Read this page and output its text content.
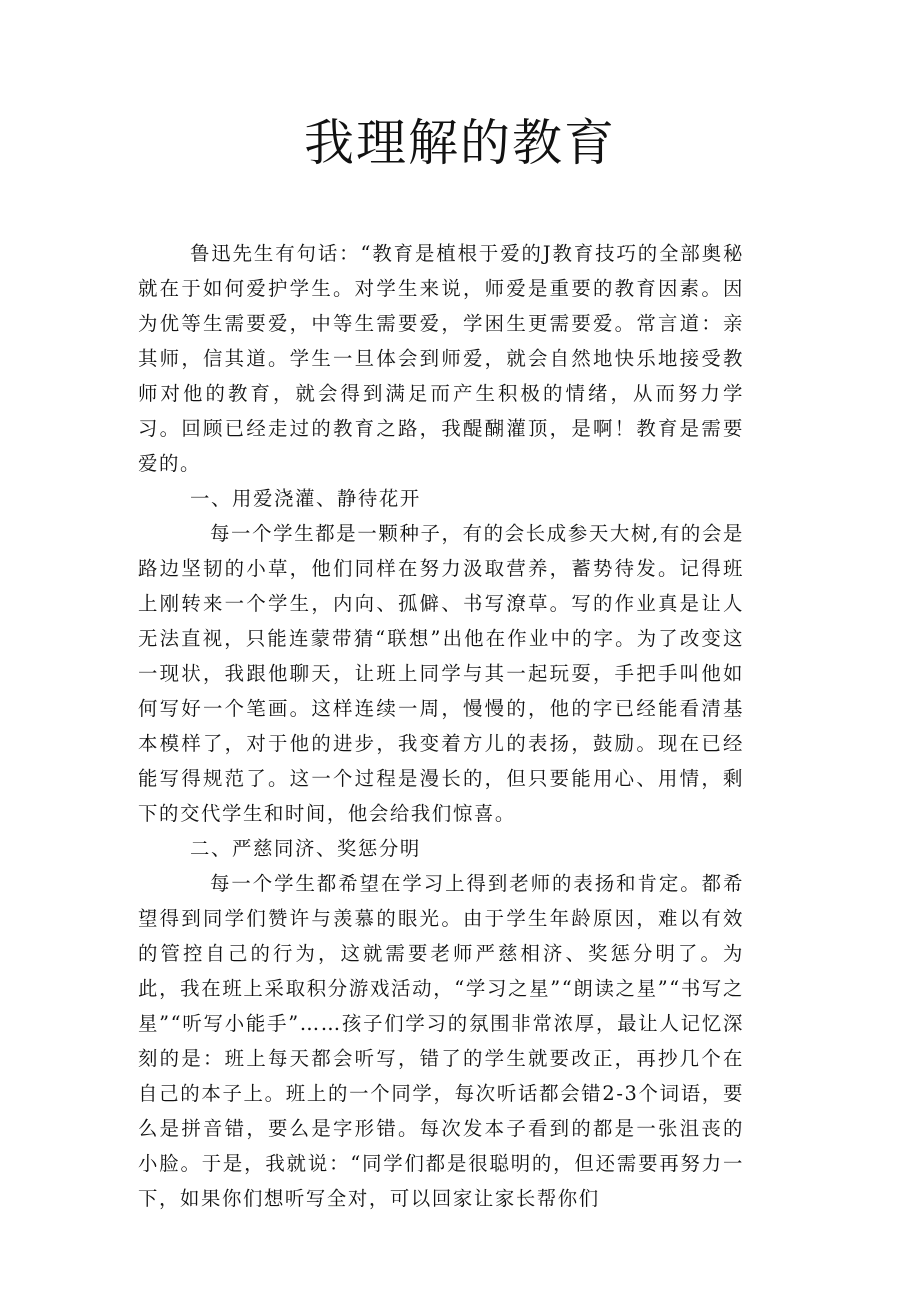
我理解的教育

鲁迅先生有句话：“教育是植根于爱的J教育技巧的全部奥秘就在于如何爱护学生。对学生来说，师爱是重要的教育因素。因为优等生需要爱，中等生需要爱，学困生更需要爱。常言道：亲其师，信其道。学生一旦体会到师爱，就会自然地快乐地接受教师对他的教育，就会得到满足而产生积极的情绪，从而努力学习。回顾已经走过的教育之路，我醍醐灌顶，是啊！教育是需要爱的。

一、用爱浇灌、静待花开

每一个学生都是一颗种子，有的会长成参天大树,有的会是路边坚韧的小草，他们同样在努力汲取营养，蓄势待发。记得班上刚转来一个学生，内向、孤僻、书写潦草。写的作业真是让人无法直视，只能连蒙带猜“联想”出他在作业中的字。为了改变这一现状，我跟他聊天，让班上同学与其一起玩耍，手把手叫他如何写好一个笔画。这样连续一周，慢慢的，他的字已经能看清基本模样了，对于他的进步，我变着方儿的表扬，鼓励。现在已经能写得规范了。这一个过程是漫长的，但只要能用心、用情，剩下的交代学生和时间，他会给我们惊喜。

二、严慈同济、奖惩分明

每一个学生都希望在学习上得到老师的表扬和肯定。都希望得到同学们赞许与羡慕的眼光。由于学生年龄原因，难以有效的管控自己的行为，这就需要老师严慈相济、奖惩分明了。为此，我在班上采取积分游戏活动，“学习之星”“朗读之星”“书写之星”“听写小能手”……孩子们学习的氛围非常浓厚，最让人记忆深刻的是：班上每天都会听写，错了的学生就要改正，再抄几个在自己的本子上。班上的一个同学，每次听话都会错2-3个词语，要么是拼音错，要么是字形错。每次发本子看到的都是一张沮丧的小脸。于是，我就说：“同学们都是很聪明的，但还需要再努力一下，如果你们想听写全对，可以回家让家长帮你们
